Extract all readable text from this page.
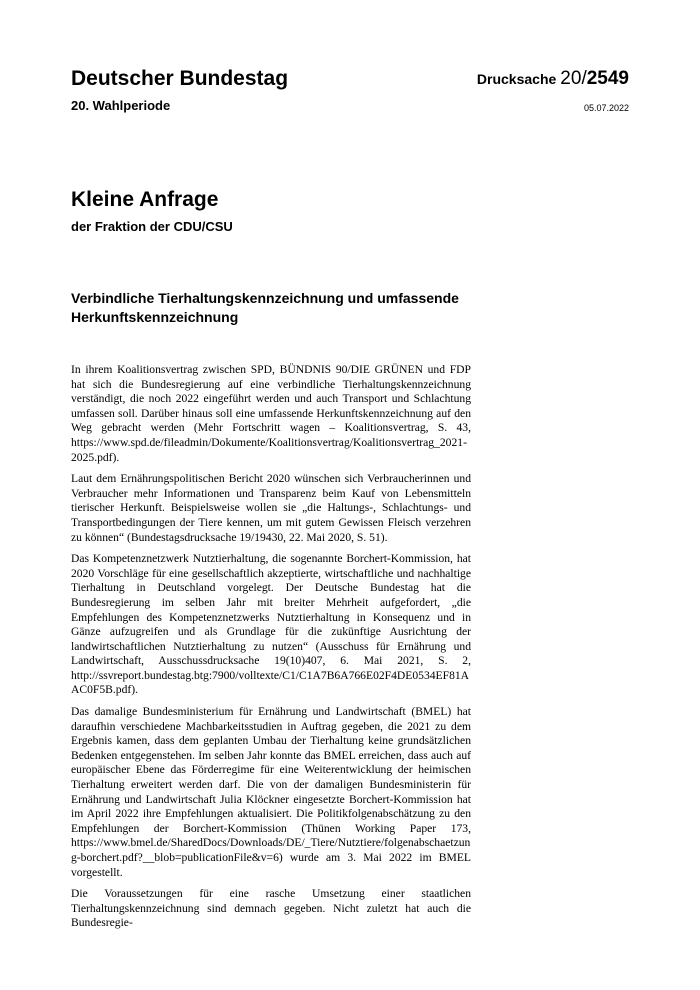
Deutscher Bundestag
20. Wahlperiode
Drucksache 20/2549
05.07.2022
Kleine Anfrage
der Fraktion der CDU/CSU
Verbindliche Tierhaltungskennzeichnung und umfassende Herkunftskennzeichnung

In ihrem Koalitionsvertrag zwischen SPD, BÜNDNIS 90/DIE GRÜNEN und FDP hat sich die Bundesregierung auf eine verbindliche Tierhaltungskennzeichnung verständigt, die noch 2022 eingeführt werden und auch Transport und Schlachtung umfassen soll. Darüber hinaus soll eine umfassende Herkunftskennzeichnung auf den Weg gebracht werden (Mehr Fortschritt wagen – Koalitionsvertrag, S. 43, https://www.spd.de/fileadmin/Dokumente/Koalitionsvertrag/Koalitionsvertrag_2021-2025.pdf).

Laut dem Ernährungspolitischen Bericht 2020 wünschen sich Verbraucherinnen und Verbraucher mehr Informationen und Transparenz beim Kauf von Lebensmitteln tierischer Herkunft. Beispielsweise wollen sie „die Haltungs-, Schlachtungs- und Transportbedingungen der Tiere kennen, um mit gutem Gewissen Fleisch verzehren zu können“ (Bundestagsdrucksache 19/19430, 22. Mai 2020, S. 51).

Das Kompetenznetzwerk Nutztierhaltung, die sogenannte Borchert-Kommission, hat 2020 Vorschläge für eine gesellschaftlich akzeptierte, wirtschaftliche und nachhaltige Tierhaltung in Deutschland vorgelegt. Der Deutsche Bundestag hat die Bundesregierung im selben Jahr mit breiter Mehrheit aufgefordert, „die Empfehlungen des Kompetenznetzwerks Nutztierhaltung in Konsequenz und in Gänze aufzugreifen und als Grundlage für die zukünftige Ausrichtung der landwirtschaftlichen Nutztierhaltung zu nutzen“ (Ausschuss für Ernährung und Landwirtschaft, Ausschussdrucksache 19(10)407, 6. Mai 2021, S. 2, http://ssvreport.bundestag.btg:7900/volltexte/C1/C1A7B6A766E02F4DE0534EF81AAC0F5B.pdf).

Das damalige Bundesministerium für Ernährung und Landwirtschaft (BMEL) hat daraufhin verschiedene Machbarkeitsstudien in Auftrag gegeben, die 2021 zu dem Ergebnis kamen, dass dem geplanten Umbau der Tierhaltung keine grundsätzlichen Bedenken entgegenstehen. Im selben Jahr konnte das BMEL erreichen, dass auch auf europäischer Ebene das Förderregime für eine Weiterentwicklung der heimischen Tierhaltung erweitert werden darf. Die von der damaligen Bundesministerin für Ernährung und Landwirtschaft Julia Klöckner eingesetzte Borchert-Kommission hat im April 2022 ihre Empfehlungen aktualisiert. Die Politikfolgenabschätzung zu den Empfehlungen der Borchert-Kommission (Thünen Working Paper 173, https://www.bmel.de/SharedDocs/Downloads/DE/_Tiere/Nutztiere/folgenabschaetzung-borchert.pdf?__blob=publicationFile&v=6) wurde am 3. Mai 2022 im BMEL vorgestellt.

Die Voraussetzungen für eine rasche Umsetzung einer staatlichen Tierhaltungskennzeichnung sind demnach gegeben. Nicht zuletzt hat auch die Bundesregie-
